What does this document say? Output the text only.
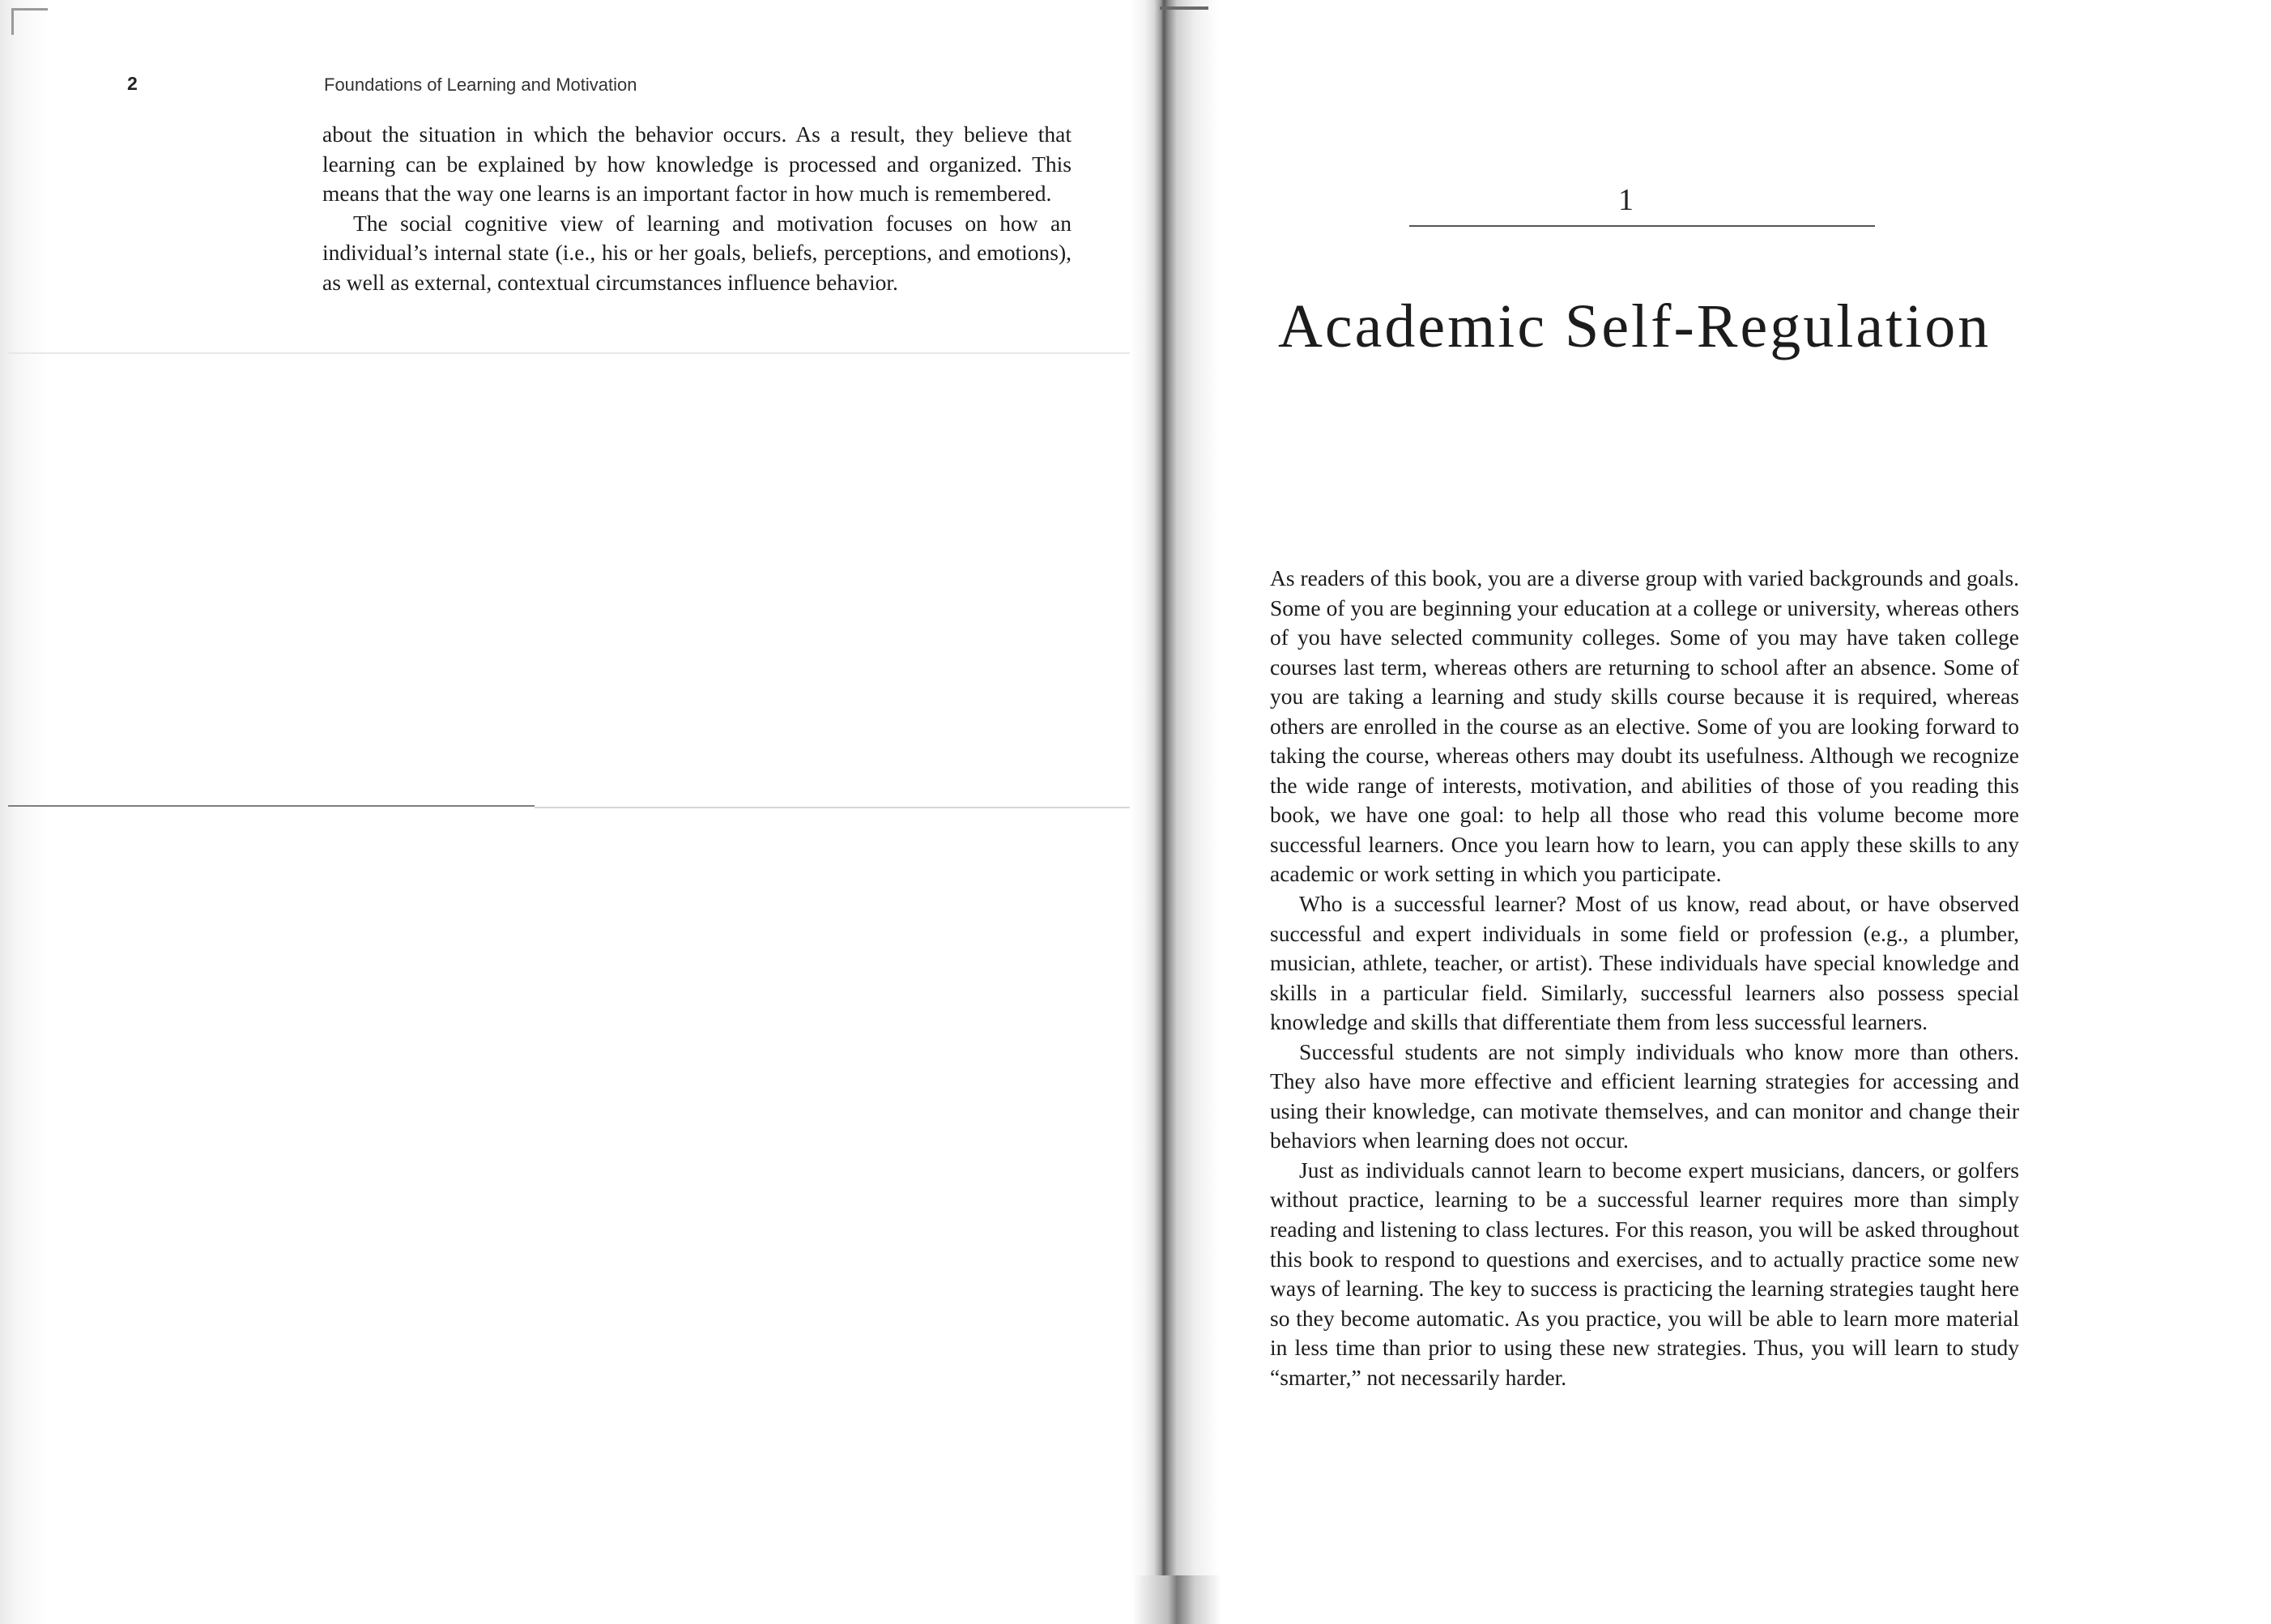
2	Foundations of Learning and Motivation

about the situation in which the behavior occurs. As a result, they believe that learning can be explained by how knowledge is processed and organized. This means that the way one learns is an important factor in how much is remembered.

The social cognitive view of learning and motivation focuses on how an individual’s internal state (i.e., his or her goals, beliefs, perceptions, and emotions), as well as external, contextual circumstances influence behavior.

1
Academic Self-Regulation

As readers of this book, you are a diverse group with varied backgrounds and goals. Some of you are beginning your education at a college or university, whereas others of you have selected community colleges. Some of you may have taken college courses last term, whereas others are returning to school after an absence. Some of you are taking a learning and study skills course because it is required, whereas others are enrolled in the course as an elective. Some of you are looking forward to taking the course, whereas others may doubt its usefulness. Although we recognize the wide range of interests, motivation, and abilities of those of you reading this book, we have one goal: to help all those who read this volume become more successful learners. Once you learn how to learn, you can apply these skills to any academic or work setting in which you participate.

Who is a successful learner? Most of us know, read about, or have observed successful and expert individuals in some field or profession (e.g., a plumber, musician, athlete, teacher, or artist). These individuals have special knowledge and skills in a particular field. Similarly, successful learners also possess special knowledge and skills that differentiate them from less successful learners.

Successful students are not simply individuals who know more than others. They also have more effective and efficient learning strategies for accessing and using their knowledge, can motivate themselves, and can monitor and change their behaviors when learning does not occur.

Just as individuals cannot learn to become expert musicians, dancers, or golfers without practice, learning to be a successful learner requires more than simply reading and listening to class lectures. For this reason, you will be asked throughout this book to respond to questions and exercises, and to actually practice some new ways of learning. The key to success is practicing the learning strategies taught here so they become automatic. As you practice, you will be able to learn more material in less time than prior to using these new strategies. Thus, you will learn to study “smarter,” not necessarily harder.
